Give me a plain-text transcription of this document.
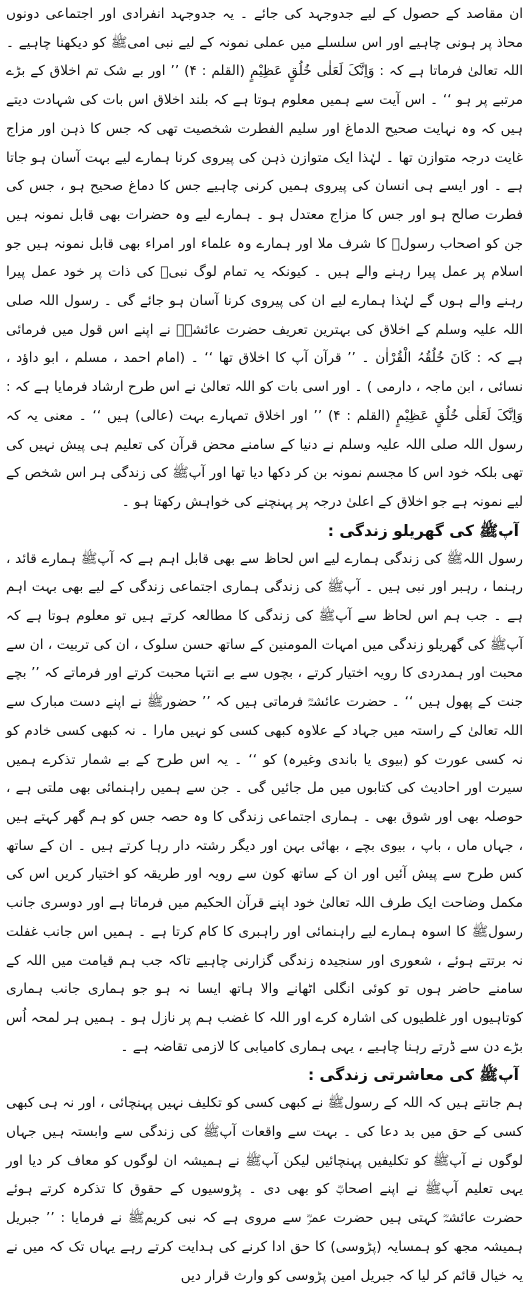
ان مقاصد کے حصول کے لیے جدوجہد کی جائے ۔ یہ جدوجہد انفرادی اور اجتماعی دونوں محاذ پر ہونی چاہیے اور اس سلسلے میں عملی نمونہ کے لیے نبی امیﷺ کو دیکھنا چاہیے ۔ اللہ تعالیٰ فرماتا ہے کہ : وَاِنَّکَ لَعَلٰی خُلُقٍ عَظِیْمٍ (القلم : ۴) ’’ اور بے شک تم اخلاق کے بڑے مرتبے پر ہو ‘‘ ۔ اس آیت سے ہمیں معلوم ہوتا ہے کہ بلند اخلاق اس بات کی شہادت دیتے ہیں کہ وہ نہایت صحیح الدماغ اور سلیم الفطرت شخصیت تھی کہ جس کا ذہن اور مزاج غایت درجہ متوازن تھا ۔ لہٰذا ایک متوازن ذہن کی پیروی کرنا ہمارے لیے بہت آسان ہو جاتا ہے ۔ اور ایسے ہی انسان کی پیروی ہمیں کرنی چاہیے جس کا دماغ صحیح ہو ، جس کی فطرت صالح ہو اور جس کا مزاج معتدل ہو ۔ ہمارے لیے وہ حضرات بھی قابل نمونہ ہیں جن کو اصحاب رسولﷺ کا شرف ملا اور ہمارے وہ علماء اور امراء بھی قابل نمونہ ہیں جو اسلام پر عمل پیرا رہنے والے ہیں ۔ کیونکہ یہ تمام لوگ نبیﷺ کی ذات پر خود عمل پیرا رہنے والے ہوں گے لہٰذا ہمارے لیے ان کی پیروی کرنا آسان ہو جائے گی ۔ رسول اللہ صلی اللہ علیہ وسلم کے اخلاق کی بہترین تعریف حضرت عائشہؓ نے اپنے اس قول میں فرمائی ہے کہ : کَانَ خُلُقُہُ الْقُرْاٰن ۔ ’’ قرآن آپ کا اخلاق تھا ‘‘ ۔ (امام احمد ، مسلم ، ابو داؤد ، نسائی ، ابن ماجہ ، دارمی ) ۔ اور اسی بات کو اللہ تعالیٰ نے اس طرح ارشاد فرمایا ہے کہ : وَاِنَّکَ لَعَلٰی خُلُقٍ عَظِیْمٍ (القلم : ۴) ’’ اور اخلاق تمہارے بہت (عالی) ہیں ‘‘ ۔ معنی یہ کہ رسول اللہ صلی اللہ علیہ وسلم نے دنیا کے سامنے محض قرآن کی تعلیم ہی پیش نہیں کی تھی بلکہ خود اس کا مجسم نمونہ بن کر دکھا دیا تھا اور آپﷺ کی زندگی ہر اس شخص کے لیے نمونہ ہے جو اخلاق کے اعلیٰ درجہ پر پہنچنے کی خواہش رکھتا ہو ۔

آپﷺ کی گھریلو زندگی :

رسول اللہﷺ کی زندگی ہمارے لیے اس لحاظ سے بھی قابل اہم ہے کہ آپﷺ ہمارے قائد ، رہنما ، رہبر اور نبی ہیں ۔ آپﷺ کی زندگی ہماری اجتماعی زندگی کے لیے بھی بہت اہم ہے ۔ جب ہم اس لحاظ سے آپﷺ کی زندگی کا مطالعہ کرتے ہیں تو معلوم ہوتا ہے کہ آپﷺ کی گھریلو زندگی میں امہات المومنین کے ساتھ حسن سلوک ، ان کی تربیت ، ان سے محبت اور ہمدردی کا رویہ اختیار کرتے ، بچوں سے بے انتہا محبت کرتے اور فرماتے کہ ’’ بچے جنت کے پھول ہیں ‘‘ ۔ حضرت عائشہؓ فرماتی ہیں کہ ’’ حضورﷺ نے اپنے دست مبارک سے اللہ تعالیٰ کے راستہ میں جہاد کے علاوہ کبھی کسی کو نہیں مارا ۔ نہ کبھی کسی خادم کو نہ کسی عورت کو (بیوی یا باندی وغیرہ) کو ‘‘ ۔ یہ اس طرح کے بے شمار تذکرے ہمیں سیرت اور احادیث کی کتابوں میں مل جائیں گی ۔ جن سے ہمیں راہنمائی بھی ملتی ہے ، حوصلہ بھی اور شوق بھی ۔ ہماری اجتماعی زندگی کا وہ حصہ جس کو ہم گھر کہتے ہیں ، جہاں ماں ، باپ ، بیوی بچے ، بھائی بہن اور دیگر رشتہ دار رہا کرتے ہیں ۔ ان کے ساتھ کس طرح سے پیش آئیں اور ان کے ساتھ کون سے رویہ اور طریقہ کو اختیار کریں اس کی مکمل وضاحت ایک طرف اللہ تعالیٰ خود اپنے قرآن الحکیم میں فرماتا ہے اور دوسری جانب رسولﷺ کا اسوہ ہمارے لیے راہنمائی اور راہبری کا کام کرتا ہے ۔ ہمیں اس جانب غفلت نہ برتتے ہوئے ، شعوری اور سنجیدہ زندگی گزارنی چاہیے تاکہ جب ہم قیامت میں اللہ کے سامنے حاضر ہوں تو کوئی انگلی اٹھانے والا ہاتھ ایسا نہ ہو جو ہماری جانب ہماری کوتاہیوں اور غلطیوں کی اشارہ کرے اور اللہ کا غضب ہم پر نازل ہو ۔ ہمیں ہر لمحہ اُس بڑے دن سے ڈرتے رہنا چاہیے ، یہی ہماری کامیابی کا لازمی تقاضہ ہے ۔

آپﷺ کی معاشرتی زندگی :

ہم جانتے ہیں کہ اللہ کے رسولﷺ نے کبھی کسی کو تکلیف نہیں پہنچائی ، اور نہ ہی کبھی کسی کے حق میں بد دعا کی ۔ بہت سے واقعات آپﷺ کی زندگی سے وابستہ ہیں جہاں لوگوں نے آپﷺ کو تکلیفیں پہنچائیں لیکن آپﷺ نے ہمیشہ ان لوگوں کو معاف کر دیا اور یہی تعلیم آپﷺ نے اپنے اصحابؓ کو بھی دی ۔ پڑوسیوں کے حقوق کا تذکرہ کرتے ہوئے حضرت عائشہؓ کہتی ہیں حضرت عمرؓ سے مروی ہے کہ نبی کریمﷺ نے فرمایا : ’’ جبریل ہمیشہ مجھ کو ہمسایہ (پڑوسی) کا حق ادا کرنے کی ہدایت کرتے رہے یہاں تک کہ میں نے یہ خیال قائم کر لیا کہ جبریل امین پڑوسی کو وارث قرار دیں
